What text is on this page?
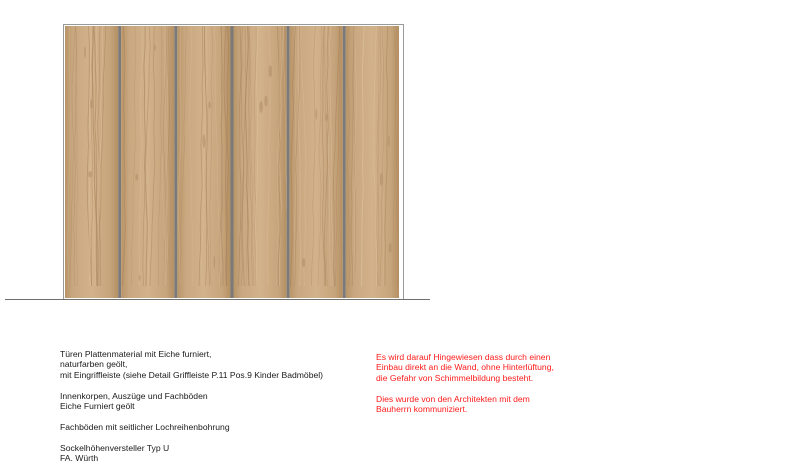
Türen Plattenmaterial mit Eiche furniert,
naturfarben geölt,
mit Eingriffleiste (siehe Detail Griffleiste P.11 Pos.9 Kinder Badmöbel)
Innenkorpen, Auszüge und Fachböden
Eiche Furniert geölt
Fachböden mit seitlicher Lochreihenbohrung
Sockelhöhenversteller Typ U
FA. Würth
Es wird darauf Hingewiesen dass durch einen
Einbau direkt an die Wand, ohne Hinterlüftung,
die Gefahr von Schimmelbildung besteht.
Dies wurde von den Architekten mit dem
Bauherrn kommuniziert.
